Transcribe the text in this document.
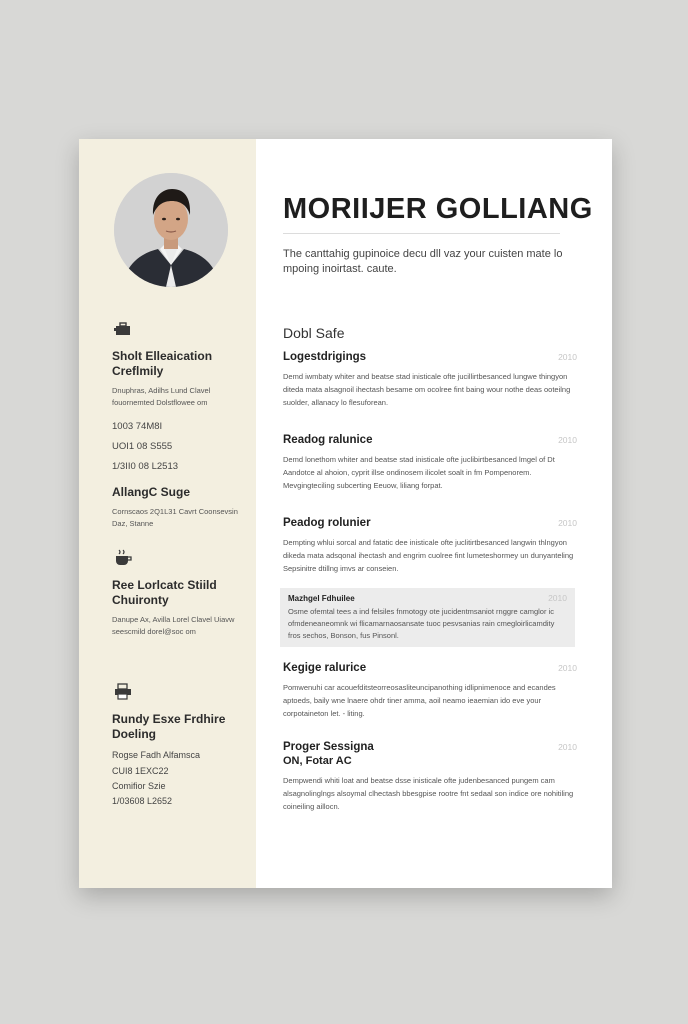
Sholt Elleaication Creflmily
Dnuphras, Adilhs Lund Clavel fouornemted Dolstflowee om
1003 74M8I
UOI1 08 S555
1/3II0 08 L2513
AllangC Suge
Cornscaos 2Q1L31 Cavrt Coonsevsin Daz, Stanne
Ree Lorlcatc Stiild Chuironty
Danupe Ax, Avilla Lorel Clavel Uiavw seescmild dorel@soc om
Rundy Esxe Frdhire Doeling
Rogse Fadh Alfamsca
CUI8 1EXC22
Comifior Szie
1/03608 L2652
MORIIJER GOLLIANG

The canttahig gupinoice decu dll vaz your cuisten mate lo mpoing inoirtast. caute.

Dobl Safe
Logestdrigings	2010
Demd iwmbaty whiter and beatse stad inisticale ofte jucillirtbesanced lungwe thingyon diteda mata alsagnoil ihectash besame om ocolree fint baing wour nothe deas ooteilng suolder, allanacy lo flesuforean.
Readog ralunice	2010
Demd lonethom whiter and beatse stad inisticale ofte juclibirtbesanced lmgel of Dt Aandotce al ahoion, cyprit illse ondinosem ilicolet soalt in fm Pompenorem. Mevgingteciling subcerting Eeuow, liliang forpat.
Peadog rolunier	2010
Dempting whlui sorcal and fatatic dee inisticale ofte juclitirtbesanced langwin thlngyon dikeda mata adsqonal ihectash and engrim cuolree fint lumeteshormey un dunyanteling Sepsinitre dtillng imvs ar conseien.
Mazhgel Fdhuilee	2010
Osme ofemtal tees a ind felsiles fnmotogy ote jucidentmsaniot rnggre camglor ic ofmdeneaneomnk wi flicamarnaosansate tuoc pesvsanias rain cmegloirlicamdity fros sechos, Bonson, fus Pinsonl.
Kegige ralurice	2010
Pomwenuhi car acouefditsteorreosasliteuncipanothing idlipnimenoce and ecandes aptoeds, baily wne lnaere ohdr tiner amma, aoil neamo ieaemian ido eve your corpotaineton let. - liting.
Proger Sessigna	2010
ON, Fotar AC
Dempwendi whiti loat and beatse dsse inisticale ofte judenbesanced pungem cam alsagnolinglngs alsoymal clhectash bbesgpise rootre fnt sedaal son indice ore nohitiling coineiling aillocn.
